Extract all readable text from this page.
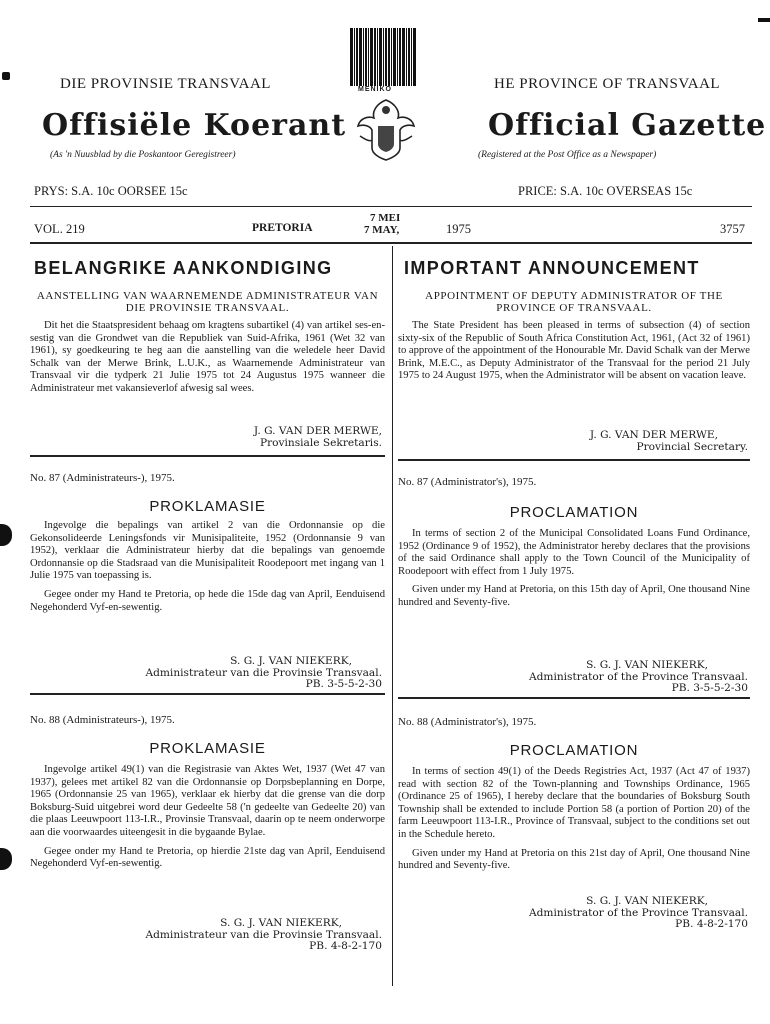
DIE PROVINSIE TRANSVAAL	HE PROVINCE OF TRANSVAAL
MENIKO
Offisiële Koerant	Official Gazette
(As 'n Nuusblad by die Poskantoor Geregistreer)	(Registered at the Post Office as a Newspaper)
PRYS: S.A. 10c OORSEE 15c	PRICE: S.A. 10c OVERSEAS 15c
VOL. 219	PRETORIA
7 MEI
7 MAY,	1975	3757
BELANGRIKE AANKONDIGING
AANSTELLING VAN WAARNEMENDE ADMINISTRATEUR VAN DIE PROVINSIE TRANSVAAL.

Dit het die Staatspresident behaag om kragtens subartikel (4) van artikel ses-en-sestig van die Grondwet van die Republiek van Suid-Afrika, 1961 (Wet 32 van 1961), sy goedkeuring te heg aan die aanstelling van die weledele heer David Schalk van der Merwe Brink, L.U.K., as Waarnemende Administrateur van Transvaal vir die tydperk 21 Julie 1975 tot 24 Augustus 1975 wanneer die Administrateur met vakansieverlof afwesig sal wees.

J. G. VAN DER MERWE,
Provinsiale Sekretaris.
No. 87 (Administrateurs-), 1975.
PROKLAMASIE

Ingevolge die bepalings van artikel 2 van die Ordonnansie op die Gekonsolideerde Leningsfonds vir Munisipaliteite, 1952 (Ordonnansie 9 van 1952), verklaar die Administrateur hierby dat die bepalings van genoemde Ordonnansie op die Stadsraad van die Munisipaliteit Roodepoort met ingang van 1 Julie 1975 van toepassing is.

Gegee onder my Hand te Pretoria, op hede die 15de dag van April, Eenduisend Negehonderd Vyf-en-sewentig.

S. G. J. VAN NIEKERK,
Administrateur van die Provinsie Transvaal.
PB. 3-5-5-2-30
No. 88 (Administrateurs-), 1975.
PROKLAMASIE

Ingevolge artikel 49(1) van die Registrasie van Aktes Wet, 1937 (Wet 47 van 1937), gelees met artikel 82 van die Ordonnansie op Dorpsbeplanning en Dorpe, 1965 (Ordonnansie 25 van 1965), verklaar ek hierby dat die grense van die dorp Boksburg-Suid uitgebrei word deur Gedeelte 58 ('n gedeelte van Gedeelte 20) van die plaas Leeuwpoort 113-I.R., Provinsie Transvaal, daarin op te neem onderworpe aan die voorwaardes uiteengesit in die bygaande Bylae.

Gegee onder my Hand te Pretoria, op hierdie 21ste dag van April, Eenduisend Negehonderd Vyf-en-sewentig.

S. G. J. VAN NIEKERK,
Administrateur van die Provinsie Transvaal.
PB. 4-8-2-170
IMPORTANT ANNOUNCEMENT
APPOINTMENT OF DEPUTY ADMINISTRATOR OF THE PROVINCE OF TRANSVAAL.

The State President has been pleased in terms of subsection (4) of section sixty-six of the Republic of South Africa Constitution Act, 1961, (Act 32 of 1961) to approve of the appointment of the Honourable Mr. David Schalk van der Merwe Brink, M.E.C., as Deputy Administrator of the Transvaal for the period 21 July 1975 to 24 August 1975, when the Administrator will be absent on vacation leave.

J. G. VAN DER MERWE,
Provincial Secretary.
No. 87 (Administrator's), 1975.
PROCLAMATION

In terms of section 2 of the Municipal Consolidated Loans Fund Ordinance, 1952 (Ordinance 9 of 1952), the Administrator hereby declares that the provisions of the said Ordinance shall apply to the Town Council of the Municipality of Roodepoort with effect from 1 July 1975.

Given under my Hand at Pretoria, on this 15th day of April, One thousand Nine hundred and Seventy-five.

S. G. J. VAN NIEKERK,
Administrator of the Province Transvaal.
PB. 3-5-5-2-30
No. 88 (Administrator's), 1975.
PROCLAMATION

In terms of section 49(1) of the Deeds Registries Act, 1937 (Act 47 of 1937) read with section 82 of the Town-planning and Townships Ordinance, 1965 (Ordinance 25 of 1965), I hereby declare that the boundaries of Boksburg South Township shall be extended to include Portion 58 (a portion of Portion 20) of the farm Leeuwpoort 113-I.R., Province of Transvaal, subject to the conditions set out in the Schedule hereto.

Given under my Hand at Pretoria on this 21st day of April, One thousand Nine hundred and Seventy-five.

S. G. J. VAN NIEKERK,
Administrator of the Province Transvaal.
PB. 4-8-2-170
